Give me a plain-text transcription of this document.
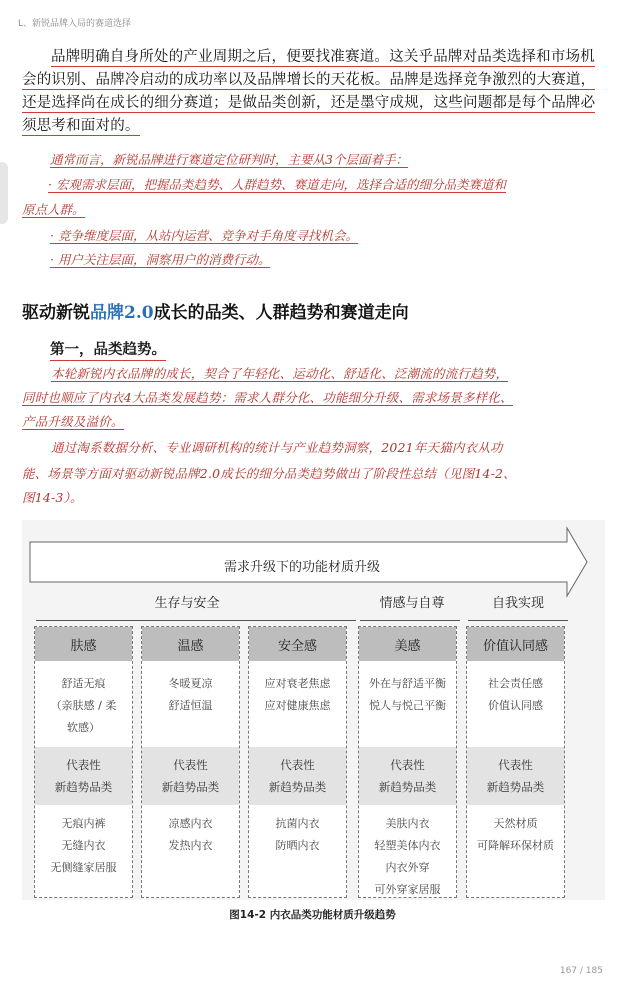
L、新锐品牌入局的赛道选择
品牌明确自身所处的产业周期之后，便要找准赛道。这关乎品牌对品类选择和市场机
会的识别、品牌冷启动的成功率以及品牌增长的天花板。品牌是选择竞争激烈的大赛道，
还是选择尚在成长的细分赛道；是做品类创新，还是墨守成规，这些问题都是每个品牌必
须思考和面对的。
通常而言，新锐品牌进行赛道定位研判时，主要从3个层面着手：
· 宏观需求层面，把握品类趋势、人群趋势、赛道走向，选择合适的细分品类赛道和
原点人群。
· 竞争维度层面，从站内运营、竞争对手角度寻找机会。
· 用户关注层面，洞察用户的消费行动。
驱动新锐品牌2.0成长的品类、人群趋势和赛道走向
第一，品类趋势。
本轮新锐内衣品牌的成长，契合了年轻化、运动化、舒适化、泛潮流的流行趋势，
同时也顺应了内衣4大品类发展趋势：需求人群分化、功能细分升级、需求场景多样化、
产品升级及溢价。
通过淘系数据分析、专业调研机构的统计与产业趋势洞察，2021年天猫内衣从功
能、场景等方面对驱动新锐品牌2.0成长的细分品类趋势做出了阶段性总结（见图14-2、
图14-3）。
需求升级下的功能材质升级
生存与安全	情感与自尊	自我实现
肤感
舒适无痕
（亲肤感 / 柔
软感）
代表性
新趋势品类
无痕内裤
无缝内衣
无侧缝家居服
温感
冬暖夏凉
舒适恒温
代表性
新趋势品类
凉感内衣
发热内衣
安全感
应对衰老焦虑
应对健康焦虑
代表性
新趋势品类
抗菌内衣
防晒内衣
美感
外在与舒适平衡
悦人与悦己平衡
代表性
新趋势品类
美肤内衣
轻塑美体内衣
内衣外穿
可外穿家居服
价值认同感
社会责任感
价值认同感
代表性
新趋势品类
天然材质
可降解环保材质
图14-2 内衣品类功能材质升级趋势
167 / 185
